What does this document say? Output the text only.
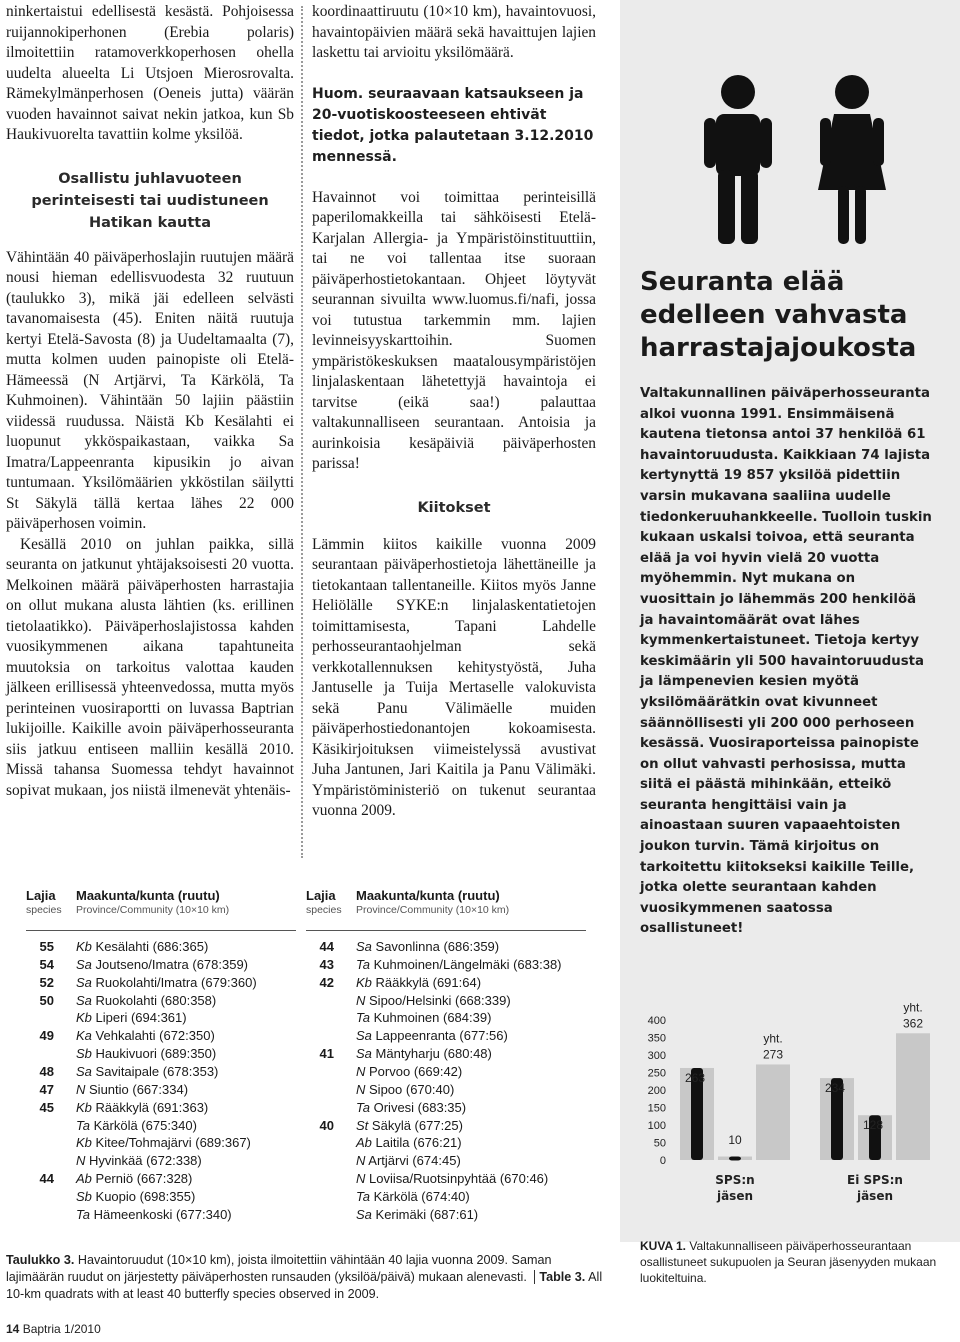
ninkertaistui edellisestä kesästä. Pohjoisessa ruijannokiperhonen (Erebia polaris) ilmoitettiin ratamoverkkoperhosen ohella uudelta alueelta Li Utsjoen Mierosrovalta. Rämekylmänperhosen (Oeneis jutta) väärän vuoden havainnot saivat nekin jatkoa, kun Sb Haukivuorelta tavattiin kolme yksilöä.
Osallistu juhlavuoteen
perinteisesti tai uudistuneen
Hatikan kautta

Vähintään 40 päiväperhoslajin ruutujen määrä nousi hieman edellisvuodesta 32 ruutuun (taulukko 3), mikä jäi edelleen selvästi tavanomaisesta (45). Eniten näitä ruutuja kertyi Etelä-Savosta (8) ja Uudeltamaalta (7), mutta kolmen uuden painopiste oli Etelä-Hämeessä (N Artjärvi, Ta Kärkölä, Ta Kuhmoinen). Vähintään 50 lajiin päästiin viidessä ruudussa. Näistä Kb Kesälahti ei luopunut ykköspaikastaan, vaikka Sa Imatra/Lappeenranta kipusikin jo aivan tuntumaan. Yksilömäärien ykköstilan säilytti St Säkylä tällä kertaa lähes 22 000 päiväperhosen voimin.

Kesällä 2010 on juhlan paikka, sillä seuranta on jatkunut yhtäjaksoisesti 20 vuotta. Melkoinen määrä päiväperhosten harrastajia on ollut mukana alusta lähtien (ks. erillinen tietolaatikko). Päiväperhoslajistossa kahden vuosikymmenen aikana tapahtuneita muutoksia on tarkoitus valottaa kauden jälkeen erillisessä yhteenvedossa, mutta myös perinteinen vuosiraportti on luvassa Baptrian lukijoille. Kaikille avoin päiväperhosseuranta siis jatkuu entiseen malliin kesällä 2010. Missä tahansa Suomessa tehdyt havainnot sopivat mukaan, jos niistä ilmenevät yhtenäis-

koordinaattiruutu (10×10 km), havaintovuosi, havaintopäivien määrä sekä havaittujen lajien laskettu tai arvioitu yksilömäärä.
Huom. seuraavaan katsaukseen ja 20-vuotiskoosteeseen ehtivät tiedot, jotka palautetaan 3.12.2010 mennessä.
Havainnot voi toimittaa perinteisillä paperilomakkeilla tai sähköisesti Etelä-Karjalan Allergia- ja Ympäristöinstituuttiin, tai ne voi tallentaa itse suoraan päiväperhostietokantaan. Ohjeet löytyvät seurannan sivuilta www.luomus.fi/nafi, jossa voi tutustua tarkemmin mm. lajien levinneisyyskarttoihin. Suomen ympäristökeskuksen maatalousympäristöjen linjalaskentaan lähetettyjä havaintoja ei tarvitse (eikä saa!) palauttaa valtakunnalliseen seurantaan. Antoisia ja aurinkoisia kesäpäiviä päiväperhosten parissa!
Kiitokset
Lämmin kiitos kaikille vuonna 2009 seurantaan päiväperhostietoja lähettäneille ja tietokantaan tallentaneille. Kiitos myös Janne Heliölälle SYKE:n linjalaskentatietojen toimittamisesta, Tapani Lahdelle perhosseurantaohjelman sekä verkkotallennuksen kehitystyöstä, Juha Jantuselle ja Tuija Mertaselle valokuvista sekä Panu Välimäelle muiden päiväperhostiedonantojen kokoamisesta. Käsikirjoituksen viimeistelyssä avustivat Juha Jantunen, Jari Kaitila ja Panu Välimäki. Ympäristöministeriö on tukenut seurantaa vuonna 2009.
Seuranta elää
edelleen vahvasta
harrastajajoukosta
Valtakunnallinen päiväperhosseuranta alkoi vuonna 1991. Ensimmäisenä kautena tietonsa antoi 37 henkilöä 61 havaintoruudusta. Kaikkiaan 74 lajista kertynyttä 19 857 yksilöä pidettiin varsin mukavana saaliina uudelle tiedonkeruuhankkeelle. Tuolloin tuskin kukaan uskalsi toivoa, että seuranta elää ja voi hyvin vielä 20 vuotta myöhemmin. Nyt mukana on vuosittain jo lähemmäs 200 henkilöä ja havaintomäärät ovat lähes kymmenkertaistuneet. Tietoja kertyy keskimäärin yli 500 havaintoruudusta ja lämpenevien kesien myötä yksilömäärätkin ovat kivunneet säännöllisesti yli 200 000 perhoseen kesässä. Vuosiraporteissa painopiste on ollut vahvasti perhosissa, mutta siitä ei päästä mihinkään, etteikö seuranta hengittäisi vain ja ainoastaan suuren vapaaehtoisten joukon turvin. Tämä kirjoitus on tarkoitettu kiitokseksi kaikille Teille, jotka olette seurantaan kahden vuosikymmenen saatossa osallistuneet!
0
50
100
150
200
250
300
350
400
263
10
yht.
273
234
128
yht.
362
SPS:n
jäsen
Ei SPS:n
jäsen
Lajia
species
Maakunta/kunta (ruutu)
Province/Community (10×10 km)
55 Kb Kesälahti (686:365)
54 Sa Joutseno/Imatra (678:359)
52 Sa Ruokolahti/Imatra (679:360)
50 Sa Ruokolahti (680:358)
Kb Liperi (694:361)
49 Ka Vehkalahti (672:350)
Sb Haukivuori (689:350)
48 Sa Savitaipale (678:353)
47 N Siuntio (667:334)
45 Kb Rääkkylä (691:363)
Ta Kärkölä (675:340)
Kb Kitee/Tohmajärvi (689:367)
N Hyvinkää (672:338)
44 Ab Perniö (667:328)
Sb Kuopio (698:355)
Ta Hämeenkoski (677:340)
Lajia
species
Maakunta/kunta (ruutu)
Province/Community (10×10 km)
44 Sa Savonlinna (686:359)
43 Ta Kuhmoinen/Längelmäki (683:38)
42 Kb Rääkkylä (691:64)
N Sipoo/Helsinki (668:339)
Ta Kuhmoinen (684:39)
Sa Lappeenranta (677:56)
41 Sa Mäntyharju (680:48)
N Porvoo (669:42)
N Sipoo (670:40)
Ta Orivesi (683:35)
40 St Säkylä (677:25)
Ab Laitila (676:21)
N Artjärvi (674:45)
N Loviisa/Ruotsinpyhtää (670:46)
Ta Kärkölä (674:40)
Sa Kerimäki (687:61)
Taulukko 3. Havaintoruudut (10×10 km), joista ilmoitettiin vähintään 40 lajia vuonna 2009. Saman lajimäärän ruudut on järjestetty päiväperhosten runsauden (yksilöä/päivä) mukaan alenevasti. Table 3. All 10-km quadrats with at least 40 butterfly species observed in 2009.
14 Baptria 1/2010
KUVA 1. Valtakunnalliseen päiväperhosseurantaan osallistuneet sukupuolen ja Seuran jäsenyyden mukaan luokiteltuina.
